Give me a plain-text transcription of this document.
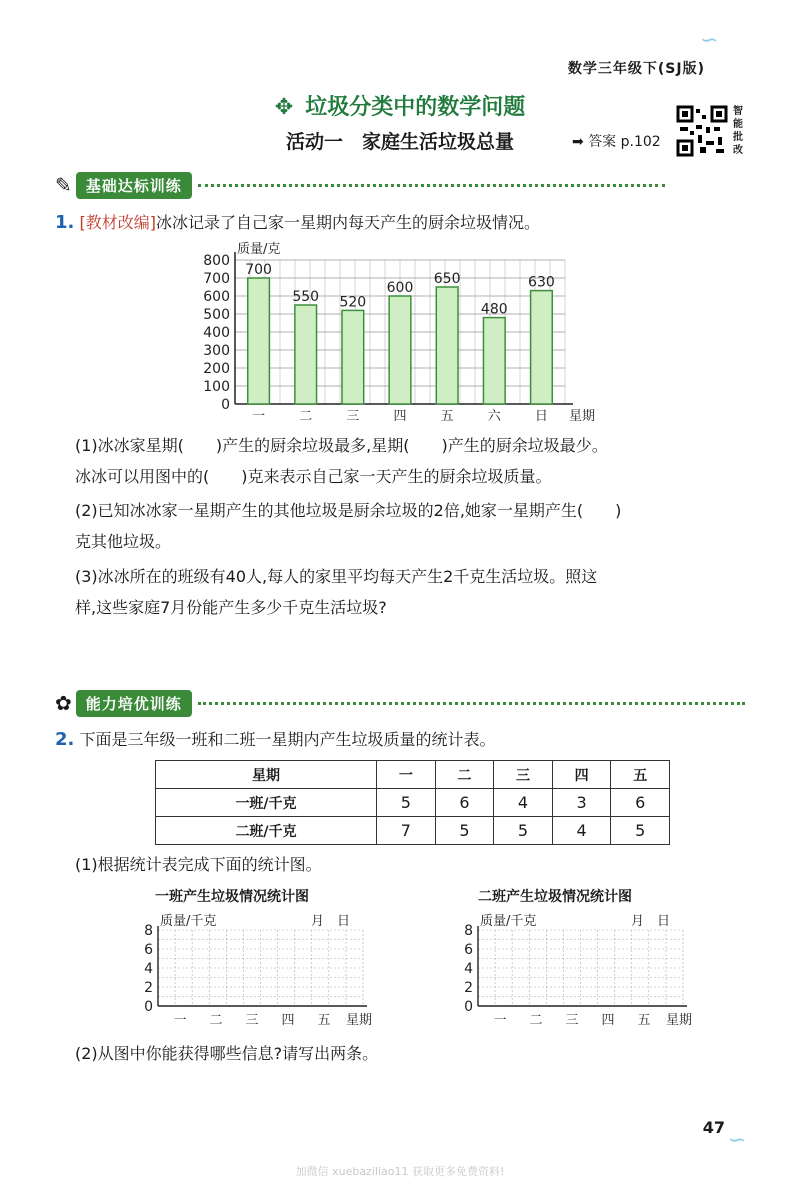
∽
数学三年级下(SJ版)
✥ 垃圾分类中的数学问题
活动一　家庭生活垃圾总量	➡ 答案 p.102
智能批改
✎ 基础达标训练
1. [教材改编]冰冰记录了自己家一星期内每天产生的厨余垃圾情况。
0
100
200
300
400
500
600
700
800
质量/克
700
一
550
二
520
三
600
四
650
五
480
六
630
日 星期
(1)冰冰家星期(　　)产生的厨余垃圾最多,星期(　　)产生的厨余垃圾最少。
冰冰可以用图中的(　　)克来表示自己家一天产生的厨余垃圾质量。
(2)已知冰冰家一星期产生的其他垃圾是厨余垃圾的2倍,她家一星期产生(　　)
克其他垃圾。
(3)冰冰所在的班级有40人,每人的家里平均每天产生2千克生活垃圾。照这
样,这些家庭7月份能产生多少千克生活垃圾?
✿ 能力培优训练
2. 下面是三年级一班和二班一星期内产生垃圾质量的统计表。
星期	一	二	三	四	五
一班/千克	5	6	4	3	6
二班/千克	7	5	5	4	5
(1)根据统计表完成下面的统计图。
一班产生垃圾情况统计图	二班产生垃圾情况统计图
0
2
4
6
8
质量/千克	月　日
一 二 三 四 五 星期
0
2
4
6
8
质量/千克	月　日
一 二 三 四 五 星期
(2)从图中你能获得哪些信息?请写出两条。
47
∽
加微信 xuebaziliao11 获取更多免费资料!
